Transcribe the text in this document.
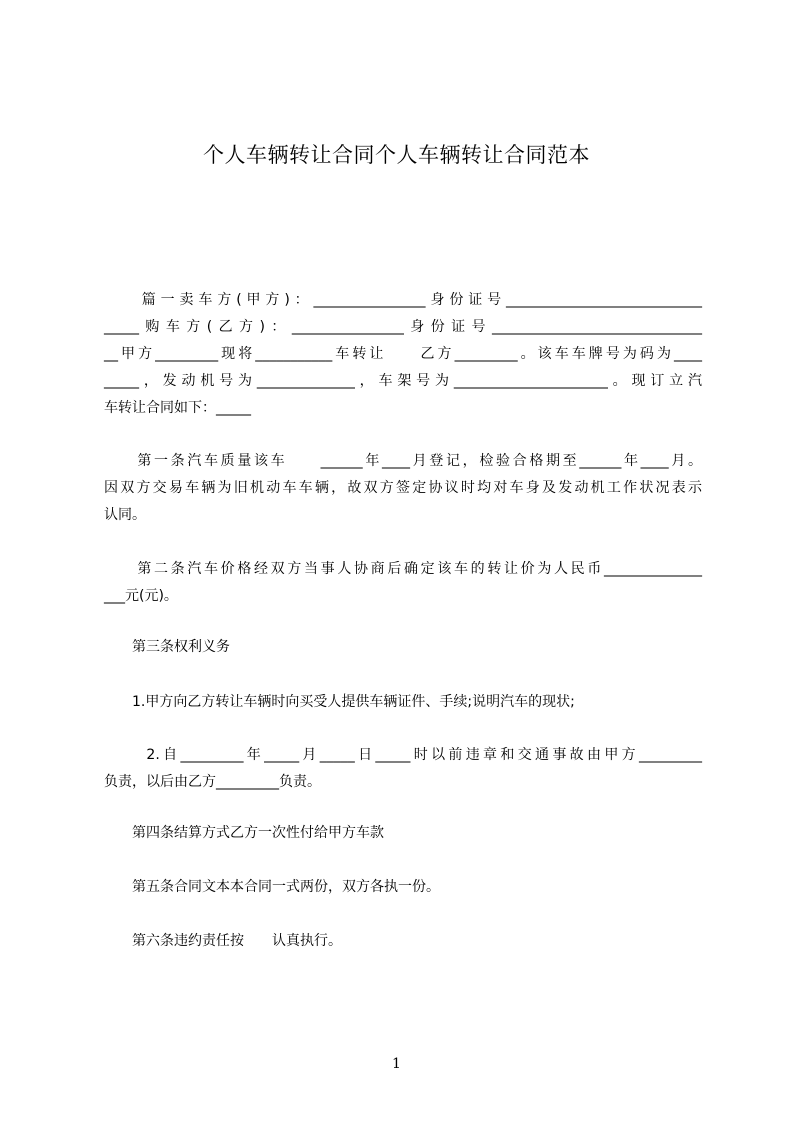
个人车辆转让合同个人车辆转让合同范本
　　篇一卖车方(甲方)：________________身份证号____________________________
_____购车方(乙方)：________________身份证号______________________________
__甲方_________现将___________车转让　　乙方_________。该车车牌号为码为____
_____，发动机号为______________，车架号为______________________。现订立汽
车转让合同如下：_____
　　第一条汽车质量该车　　______年____月登记，检验合格期至______年____月。
因双方交易车辆为旧机动车车辆，故双方签定协议时均对车身及发动机工作状况表示
认同。
　　第二条汽车价格经双方当事人协商后确定该车的转让价为人民币______________
___元(元)。
　　第三条权利义务
　　1.甲方向乙方转让车辆时向买受人提供车辆证件、手续;说明汽车的现状;
　　 2.自_________年_____月_____日_____时以前违章和交通事故由甲方_________
负责，以后由乙方_________负责。
　　第四条结算方式乙方一次性付给甲方车款
　　第五条合同文本本合同一式两份，双方各执一份。
　　第六条违约责任按　　认真执行。
1
